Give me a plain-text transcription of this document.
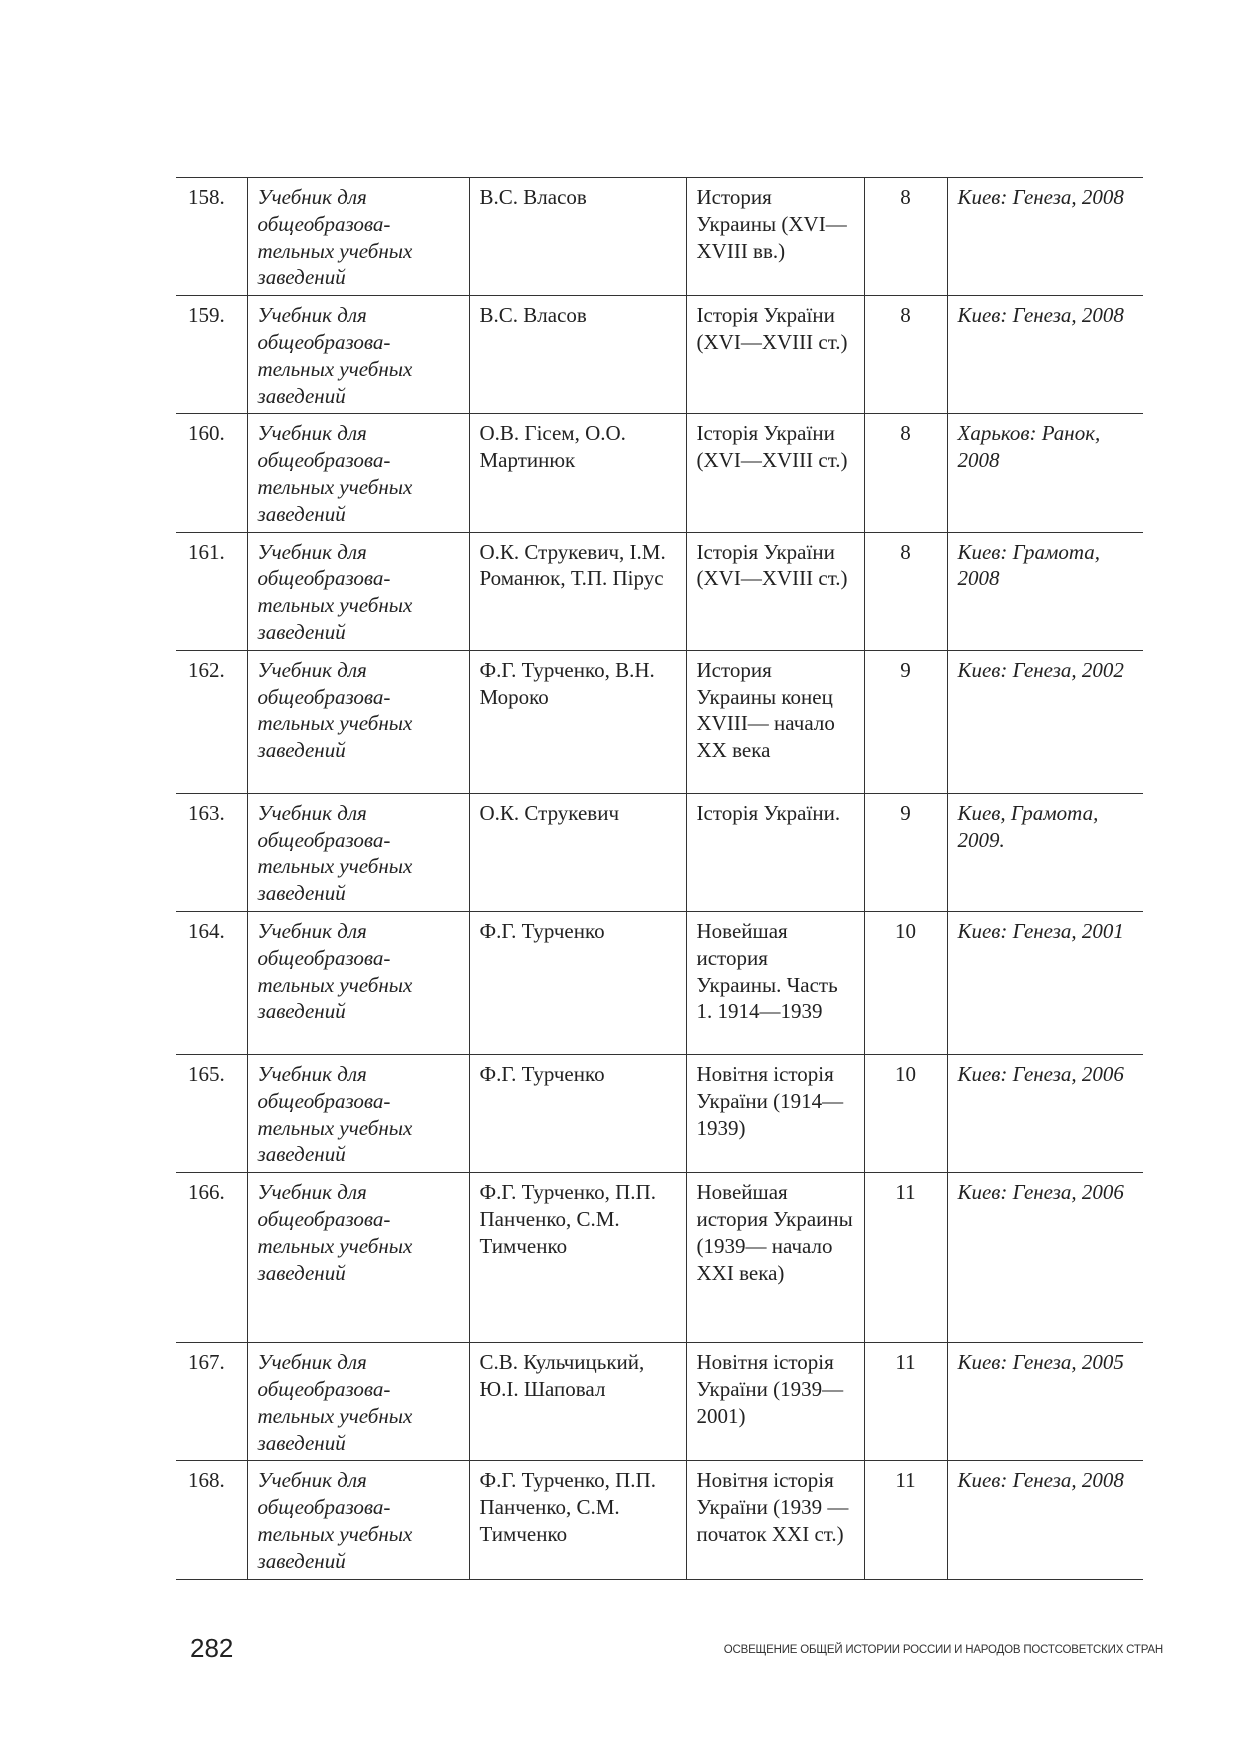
158.	Учебник для общеобразова-тельных учебных заведений	В.С. Власов	История Украины (XVI—XVIII вв.)	8	Киев: Генеза, 2008
159.	Учебник для общеобразова-тельных учебных заведений	В.С. Власов	Історія України (XVI—XVIII ст.)	8	Киев: Генеза, 2008
160.	Учебник для общеобразова-тельных учебных заведений	О.В. Гісем, О.О. Мартинюк	Історія України (XVI—XVIII ст.)	8	Харьков: Ранок, 2008
161.	Учебник для общеобразова-тельных учебных заведений	О.К. Струкевич, І.М. Романюк, Т.П. Пірус	Історія України (XVI—XVIII ст.)	8	Киев: Грамота, 2008
162.	Учебник для общеобразова-тельных учебных заведений	Ф.Г. Турченко, В.Н. Мороко	История Украины конец XVIII— начало XX века	9	Киев: Генеза, 2002
163.	Учебник для общеобразова-тельных учебных заведений	О.К. Струкевич	Історія України.	9	Киев, Грамота, 2009.
164.	Учебник для общеобразова-тельных учебных заведений	Ф.Г. Турченко	Новейшая история Украины. Часть 1. 1914—1939	10	Киев: Генеза, 2001
165.	Учебник для общеобразова-тельных учебных заведений	Ф.Г. Турченко	Новітня історія України (1914—1939)	10	Киев: Генеза, 2006
166.	Учебник для общеобразова-тельных учебных заведений	Ф.Г. Турченко, П.П. Панченко, С.М. Тимченко	Новейшая история Украины (1939— начало XXI века)	11	Киев: Генеза, 2006
167.	Учебник для общеобразова-тельных учебных заведений	С.В. Кульчицький, Ю.І. Шаповал	Новітня історія України (1939—2001)	11	Киев: Генеза, 2005
168.	Учебник для общеобразова-тельных учебных заведений	Ф.Г. Турченко, П.П. Панченко, С.М. Тимченко	Новітня історія України (1939 — початок XXI ст.)	11	Киев: Генеза, 2008
282	ОСВЕЩЕНИЕ ОБЩЕЙ ИСТОРИИ РОССИИ И НАРОДОВ ПОСТСОВЕТСКИХ СТРАН
